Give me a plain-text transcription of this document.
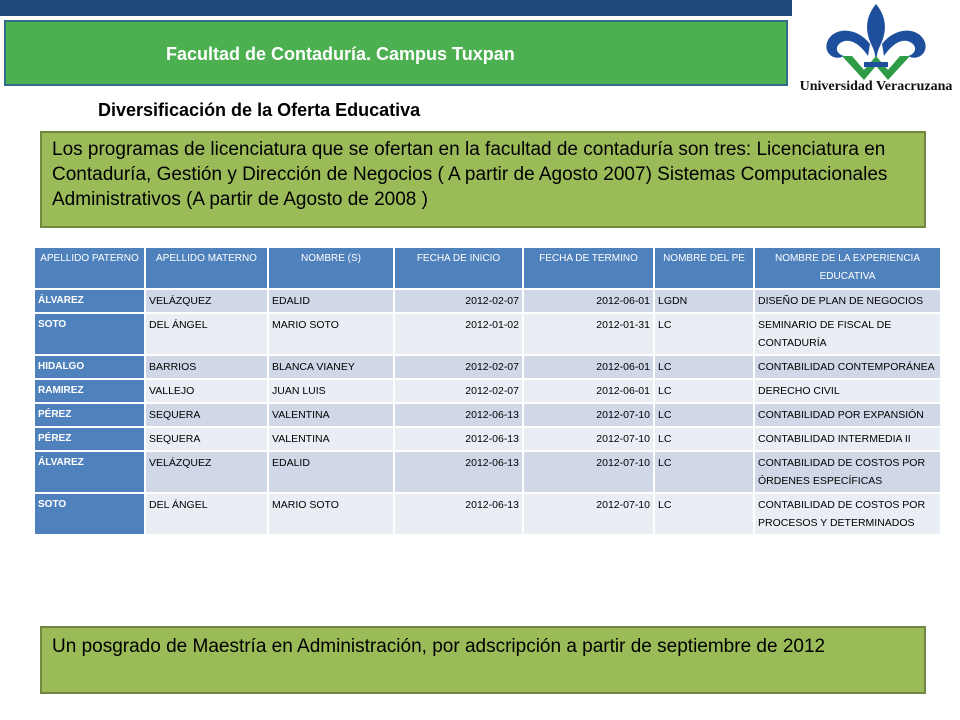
Facultad de Contaduría. Campus Tuxpan
Universidad Veracruzana
Diversificación de la Oferta Educativa
Los programas de licenciatura que se ofertan en la facultad de contaduría son tres: Licenciatura en Contaduría, Gestión y Dirección de Negocios ( A partir de Agosto 2007) Sistemas Computacionales Administrativos (A partir de Agosto de 2008 )
APELLIDO PATERNO	APELLIDO MATERNO	NOMBRE (S)	FECHA DE INICIO	FECHA DE TERMINO	NOMBRE DEL PE	NOMBRE DE LA EXPERIENCIA EDUCATIVA
ÁLVAREZ	VELÁZQUEZ	EDALID	2012-02-07	2012-06-01	LGDN	DISEÑO DE PLAN DE NEGOCIOS
SOTO	DEL ÁNGEL	MARIO SOTO	2012-01-02	2012-01-31	LC	SEMINARIO DE FISCAL DE CONTADURÍA
HIDALGO	BARRIOS	BLANCA VIANEY	2012-02-07	2012-06-01	LC	CONTABILIDAD CONTEMPORÁNEA
RAMIREZ	VALLEJO	JUAN LUIS	2012-02-07	2012-06-01	LC	DERECHO CIVIL
PÉREZ	SEQUERA	VALENTINA	2012-06-13	2012-07-10	LC	CONTABILIDAD POR EXPANSIÓN
PÉREZ	SEQUERA	VALENTINA	2012-06-13	2012-07-10	LC	CONTABILIDAD INTERMEDIA II
ÁLVAREZ	VELÁZQUEZ	EDALID	2012-06-13	2012-07-10	LC	CONTABILIDAD DE COSTOS POR ÓRDENES ESPECÍFICAS
SOTO	DEL ÁNGEL	MARIO SOTO	2012-06-13	2012-07-10	LC	CONTABILIDAD DE COSTOS POR PROCESOS Y DETERMINADOS
Un posgrado de Maestría en Administración, por adscripción a partir de septiembre de 2012
